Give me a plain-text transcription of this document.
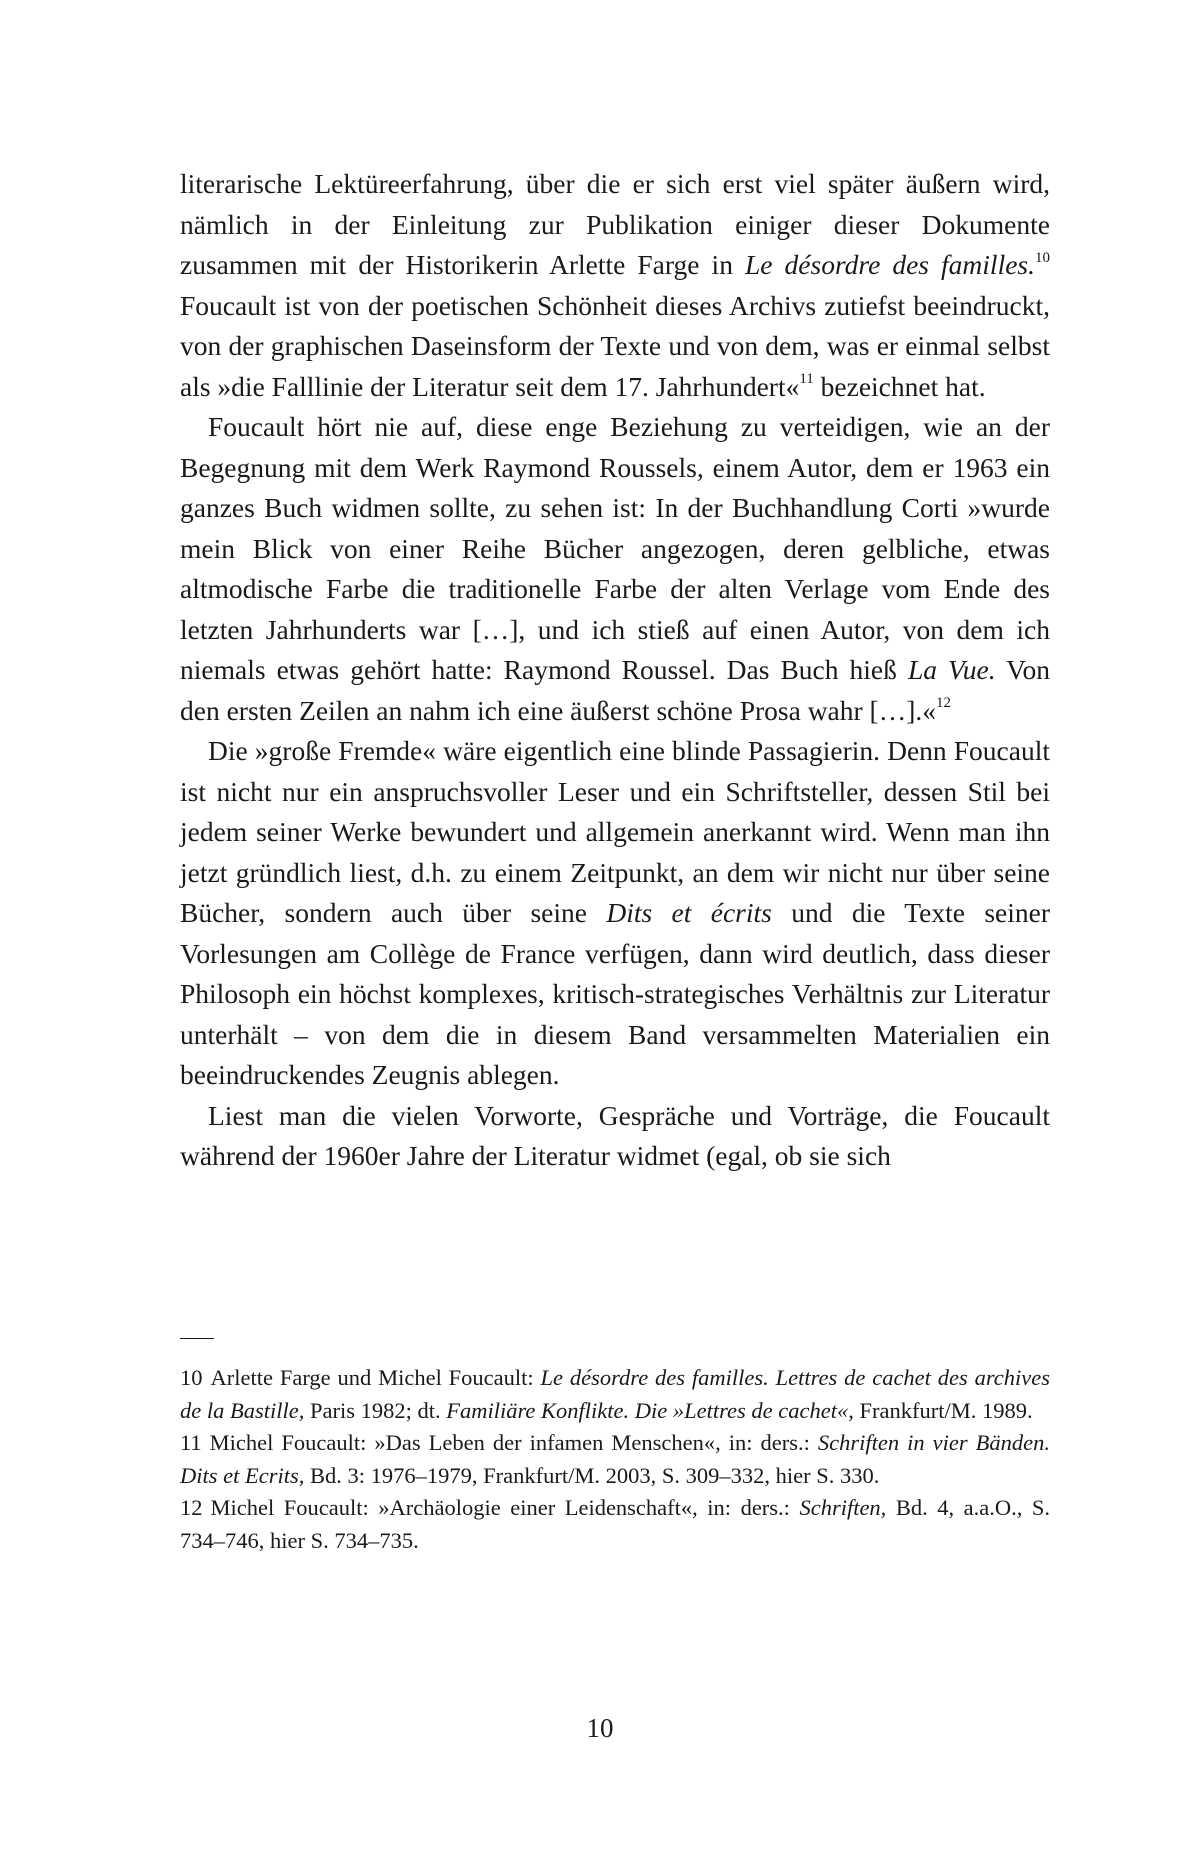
literarische Lektüreerfahrung, über die er sich erst viel später äußern wird, nämlich in der Einleitung zur Publikation einiger dieser Dokumente zusammen mit der Historikerin Arlette Farge in Le désordre des familles.$^{10}$ Foucault ist von der poetischen Schönheit dieses Archivs zutiefst beeindruckt, von der graphischen Daseinsform der Texte und von dem, was er einmal selbst als »die Falllinie der Literatur seit dem 17. Jahrhundert«$^{11}$ bezeichnet hat.

Foucault hört nie auf, diese enge Beziehung zu verteidigen, wie an der Begegnung mit dem Werk Raymond Roussels, einem Autor, dem er 1963 ein ganzes Buch widmen sollte, zu sehen ist: In der Buchhandlung Corti »wurde mein Blick von einer Reihe Bücher angezogen, deren gelbliche, etwas altmodische Farbe die traditionelle Farbe der alten Verlage vom Ende des letzten Jahrhunderts war […], und ich stieß auf einen Autor, von dem ich niemals etwas gehört hatte: Raymond Roussel. Das Buch hieß La Vue. Von den ersten Zeilen an nahm ich eine äußerst schöne Prosa wahr […].«$^{12}$

Die »große Fremde« wäre eigentlich eine blinde Passagierin. Denn Foucault ist nicht nur ein anspruchsvoller Leser und ein Schriftsteller, dessen Stil bei jedem seiner Werke bewundert und allgemein anerkannt wird. Wenn man ihn jetzt gründlich liest, d.h. zu einem Zeitpunkt, an dem wir nicht nur über seine Bücher, sondern auch über seine Dits et écrits und die Texte seiner Vorlesungen am Collège de France verfügen, dann wird deutlich, dass dieser Philosoph ein höchst komplexes, kritisch-strategisches Verhältnis zur Literatur unterhält – von dem die in diesem Band versammelten Materialien ein beeindruckendes Zeugnis ablegen.

Liest man die vielen Vorworte, Gespräche und Vorträge, die Foucault während der 1960er Jahre der Literatur widmet (egal, ob sie sich

10 Arlette Farge und Michel Foucault: Le désordre des familles. Lettres de cachet des archives de la Bastille, Paris 1982; dt. Familiäre Konflikte. Die »Lettres de cachet«, Frankfurt/M. 1989.

11 Michel Foucault: »Das Leben der infamen Menschen«, in: ders.: Schriften in vier Bänden. Dits et Ecrits, Bd. 3: 1976–1979, Frankfurt/M. 2003, S. 309–332, hier S. 330.

12 Michel Foucault: »Archäologie einer Leidenschaft«, in: ders.: Schriften, Bd. 4, a.a.O., S. 734–746, hier S. 734–735.

10
